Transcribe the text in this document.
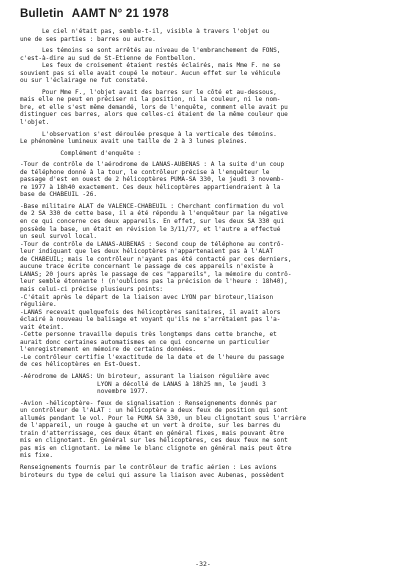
Bulletin AAMT N° 21 1978

Le ciel n'était pas, semble-t-il, visible à travers l'objet ou

une de ses parties : barres ou autre.

Les témoins se sont arrêtés au niveau de l'embranchement de FONS,

c'est-à-dire au sud de St-Etienne de Fontbellon.

Les feux de croisement étaient restés éclairés, mais Mme F. ne se

souvient pas si elle avait coupé le moteur. Aucun effet sur le véhicule

ou sur l'éclairage ne fut constaté.

Pour Mme F., l'objet avait des barres sur le côté et au-dessous,

mais elle ne peut en préciser ni la position, ni la couleur, ni le nom-

bre, et elle s'est même demandé, lors de l'enquête, comment elle avait pu

distinguer ces barres, alors que celles-ci étaient de la même couleur que

l'objet.

L'observation s'est déroulée presque à la verticale des témoins.

Le phénomène lumineux avait une taille de 2 à 3 lunes pleines.

Complément d'enquête :

-Tour de contrôle de l'aérodrome de LANAS-AUBENAS : A la suite d'un coup

de téléphone donné à la tour, le contrôleur précise à l'enquêteur le

passage d'est en ouest de 2 hélicoptères PUMA-SA 330, le jeudi 3 novemb-

re 1977 à 18h40 exactement. Ces deux hélicoptères appartiendraient à la

base de CHABEUIL -26.

-Base militaire ALAT de VALENCE-CHABEUIL : Cherchant confirmation du vol

de 2 SA 330 de cette base, il a été répondu à l'enquêteur par la négative

en ce qui concerne ces deux appareils. En effet, sur les deux SA 330 qui

possède la base, un était en révision le 3/11/77, et l'autre a effectué

un seul survol local.

-Tour de contrôle de LANAS-AUBENAS : Second coup de téléphone au contrô-

leur indiquant que les deux hélicoptères n'appartenaient pas à l'ALAT

de CHABEUIL; mais le contrôleur n'ayant pas été contacté par ces derniers,

aucune trace écrite concernant le passage de ces appareils n'existe à

LANAS; 20 jours après le passage de ces "appareils", la mémoire du contrô-

leur semble étonnante ! (n'oublions pas la précision de l'heure : 18h40),

mais celui-ci précise plusieurs points:

-C'était après le départ de la liaison avec LYON par biroteur,liaison

régulière.

-LANAS recevait quelquefois des hélicoptères sanitaires, il avait alors

éclairé à nouveau le balisage et voyant qu'ils ne s'arrêtaient pas l'a-

vait éteint.

-Cette personne travaille depuis très longtemps dans cette branche, et

aurait donc certaines automatismes en ce qui concerne un particulier

l'enregistrement en mémoire de certains données.

-Le contrôleur certifie l'exactitude de la date et de l'heure du passage

de ces hélicoptères en Est-Ouest.

-Aérodrome de LANAS: Un biroteur, assurant la liaison régulière avec

LYON a décollé de LANAS à 18h25 mn, le jeudi 3

novembre 1977.

-Avion -hélicoptère- feux de signalisation : Renseignements donnés par

un contrôleur de l'ALAT : un hélicoptère a deux feux de position qui sont

allumés pendant le vol. Pour le PUMA SA 330, un bleu clignotant sous l'arrière

de l'appareil, un rouge à gauche et un vert à droite, sur les barres du

train d'atterrissage, ces deux étant en général fixes, mais pouvant être

mis en clignotant. En général sur les hélicoptères, ces deux feux ne sont

pas mis en clignotant. Le même le blanc clignote en général mais peut être

mis fixe.

Renseignements fournis par le contrôleur de trafic aérien : Les avions

biroteurs du type de celui qui assure la liaison avec Aubenas, possèdent

-32-
